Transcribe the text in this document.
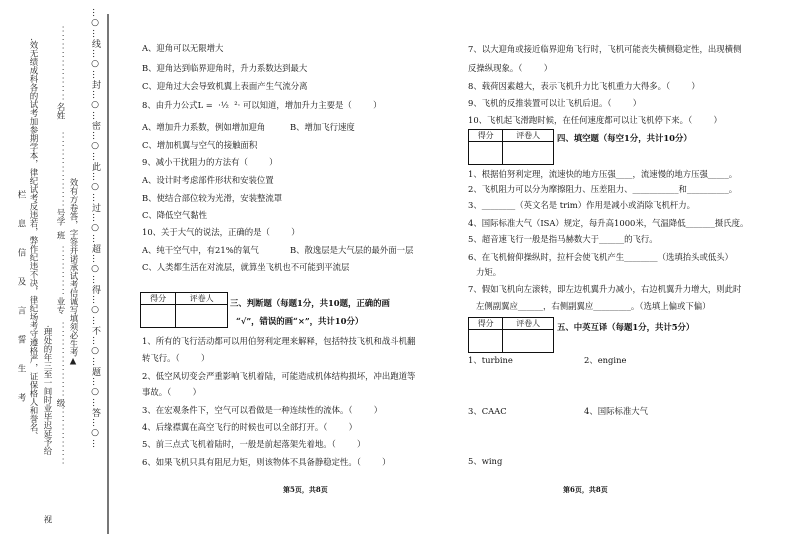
…○…线…○…封…○…密…○…此…○…过…○…超…○…得…○…不…○…题…○…答…○…
效有方卷答，字签并诺承试考信诚写填须必生考▲
：：：：：：：：：名姓
：：：：：：：：：号学
班
：：：：：：业专
：：：：：：：：：级：：：：：：：
·理处的年三至一间时业毕迟延予给
.效无绩成科各的试考加参期学本，律纪试考反违若，弊作纪违不决，律纪场考守遵格严，证保格人和誉名、
栏　息　信　及　言　誓　生　考
视
A、迎角可以无限增大
B、迎角达到临界迎角时，升力系数达到最大
C、迎角过大会导致机翼上表面产生气流分离
8、由升力公式L =  ·½  ²· 可以知道，增加升力主要是（        ）
A、增加升力系数，例如增加迎角	B、增加飞行速度
C、增加机翼与空气的接触面积
9、减小干扰阻力的方法有（        ）
A、设计时考虑部件形状和安装位置
B、使结合部位较为光滑，安装整流罩
C、降低空气黏性
10、关于大气的说法，正确的是（        ）
A、纯干空气中，有21%的氧气	B、散逸层是大气层的最外面一层
C、人类都生活在对流层，就算坐飞机也不可能到平流层
得分	评卷人
	三、判断题（每题1分，共10题，正确的画
“√”，错误的画“×”，共计10分）
1、所有的飞行活动都可以用伯努利定理来解释，包括特技飞机和战斗机翻
转飞行。（        ）
2、低空风切变会严重影响飞机着陆，可能造成机体结构损坏，冲出跑道等
事故。（        ）
3、在宏观条件下，空气可以看做是一种连续性的流体。（        ）
4、后缘襟翼在高空飞行的时候也可以全部打开。（        ）
5、前三点式飞机着陆时，一般是前起落架先着地。（        ）
6、如果飞机只具有阻尼力矩，则该物体不具备静稳定性。（        ）
第5页，共8页
7、以大迎角或接近临界迎角飞行时，飞机可能丧失横侧稳定性，出现横侧
反操纵现象。（        ）
8、载荷因素越大，表示飞机升力比飞机重力大得多。（        ）
9、飞机的反推装置可以让飞机后退。（        ）
10、飞机起飞滑跑时候，在任何速度都可以让飞机停下来。（        ）
得分	评卷人
	四、填空题（每空1分，共计10分）
1、根据伯努利定理，流速快的地方压强____，流速慢的地方压强_____。
2、飞机阻力可以分为摩擦阻力、压差阻力、___________和__________。
3、________（英文名是 trim）作用是减小或消除飞机杆力。
4、国际标准大气（ISA）规定，每升高1000米，气温降低_______摄氏度。
5、超音速飞行一般是指马赫数大于______的飞行。
6、在飞机俯仰操纵时，拉杆会使飞机产生________（选填抬头或低头）
力矩。
7、假如飞机向左滚转，即左边机翼升力减小，右边机翼升力增大，则此时
左侧副翼应______，右侧副翼应_________。（选填上偏或下偏）
得分	评卷人
	五、中英互译（每题1分，共计5分）
1、turbine	2、engine
3、CAAC	4、国际标准大气
5、wing
第6页，共8页
